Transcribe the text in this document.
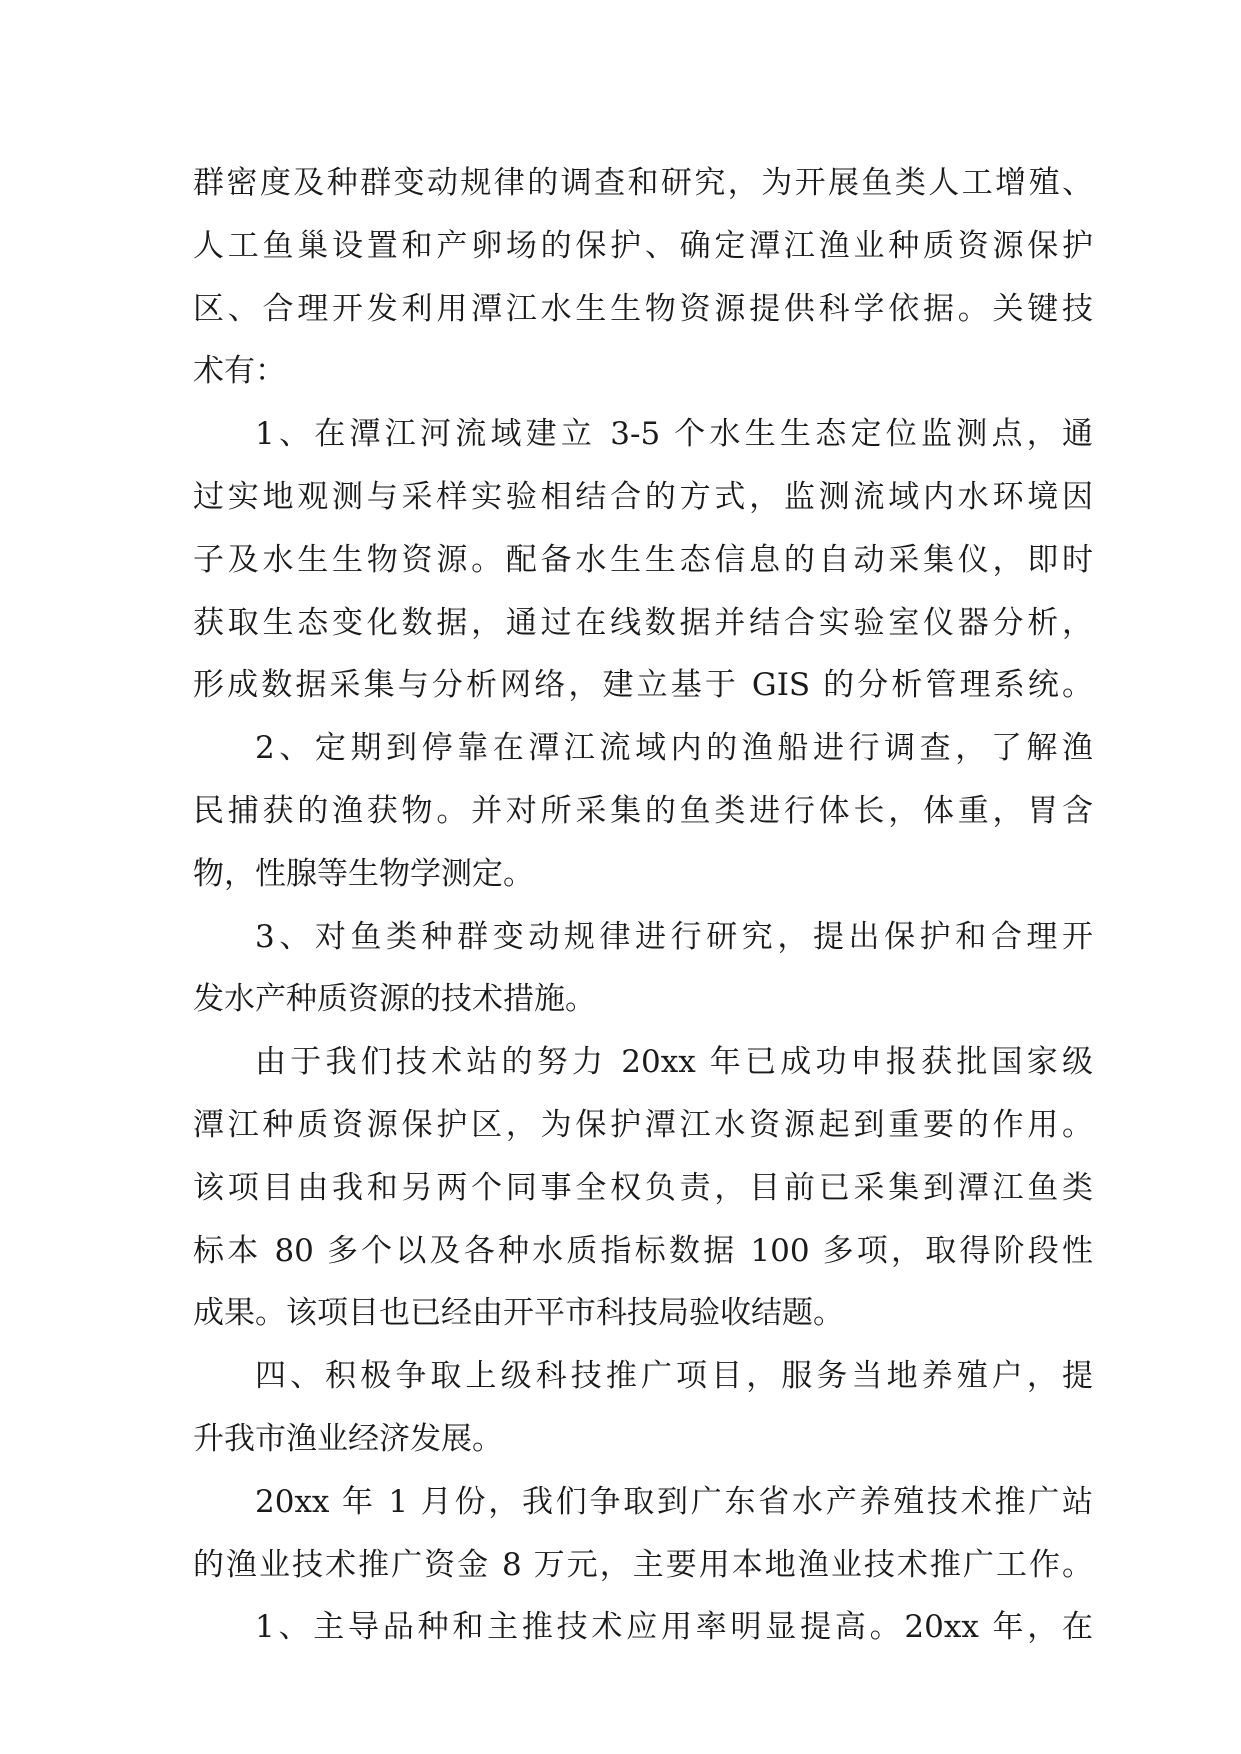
群密度及种群变动规律的调查和研究，为开展鱼类人工增殖、
人工鱼巢设置和产卵场的保护、确定潭江渔业种质资源保护
区、合理开发利用潭江水生生物资源提供科学依据。关键技
术有：
1、在潭江河流域建立 3-5 个水生生态定位监测点，通
过实地观测与采样实验相结合的方式，监测流域内水环境因
子及水生生物资源。配备水生生态信息的自动采集仪，即时
获取生态变化数据，通过在线数据并结合实验室仪器分析，
形成数据采集与分析网络，建立基于 GIS 的分析管理系统。
2、定期到停靠在潭江流域内的渔船进行调查，了解渔
民捕获的渔获物。并对所采集的鱼类进行体长，体重，胃含
物，性腺等生物学测定。
3、对鱼类种群变动规律进行研究，提出保护和合理开
发水产种质资源的技术措施。
由于我们技术站的努力 20xx 年已成功申报获批国家级
潭江种质资源保护区，为保护潭江水资源起到重要的作用。
该项目由我和另两个同事全权负责，目前已采集到潭江鱼类
标本 80 多个以及各种水质指标数据 100 多项，取得阶段性
成果。该项目也已经由开平市科技局验收结题。
四、积极争取上级科技推广项目，服务当地养殖户，提
升我市渔业经济发展。
20xx 年 1 月份，我们争取到广东省水产养殖技术推广站
的渔业技术推广资金 8 万元，主要用本地渔业技术推广工作。
1、主导品种和主推技术应用率明显提高。20xx 年，在
